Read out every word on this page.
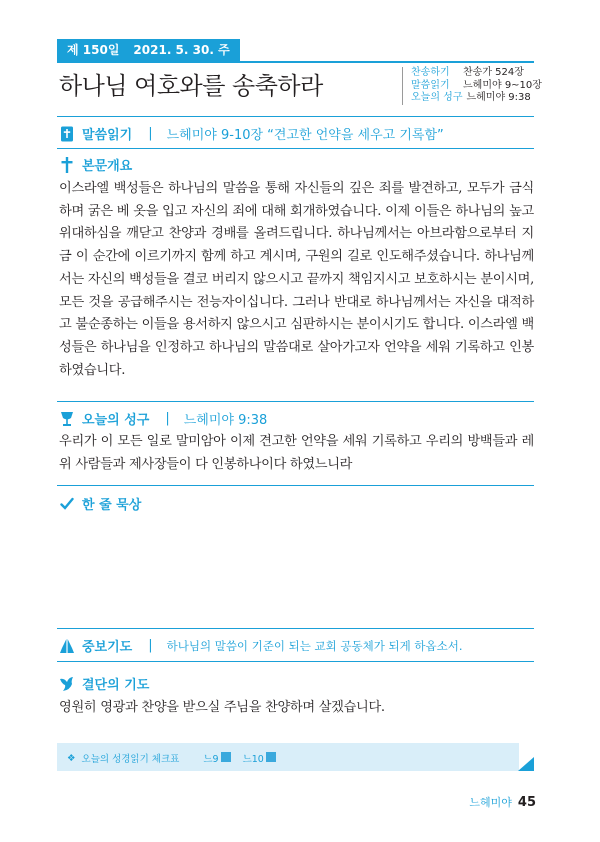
제 150일 2021. 5. 30. 주
하나님 여호와를 송축하라	찬송하기	찬송가 524장
말씀읽기	느헤미야 9~10장
오늘의 성구 느헤미야 9:38
말씀읽기 | 느헤미야 9-10장 “견고한 언약을 세우고 기록함”
본문개요
이스라엘 백성들은 하나님의 말씀을 통해 자신들의 깊은 죄를 발견하고, 모두가 금식하며 굵은 베 옷을 입고 자신의 죄에 대해 회개하였습니다. 이제 이들은 하나님의 높고 위대하심을 깨닫고 찬양과 경배를 올려드립니다. 하나님께서는 아브라함으로부터 지금 이 순간에 이르기까지 함께 하고 계시며, 구원의 길로 인도해주셨습니다. 하나님께서는 자신의 백성들을 결코 버리지 않으시고 끝까지 책임지시고 보호하시는 분이시며, 모든 것을 공급해주시는 전능자이십니다. 그러나 반대로 하나님께서는 자신을 대적하고 불순종하는 이들을 용서하지 않으시고 심판하시는 분이시기도 합니다. 이스라엘 백성들은 하나님을 인정하고 하나님의 말씀대로 살아가고자 언약을 세워 기록하고 인봉하였습니다.
오늘의 성구 | 느헤미야 9:38
우리가 이 모든 일로 말미암아 이제 견고한 언약을 세워 기록하고 우리의 방백들과 레위 사람들과 제사장들이 다 인봉하나이다 하였느니라
한 줄 묵상
중보기도 | 하나님의 말씀이 기준이 되는 교회 공동체가 되게 하옵소서.
결단의 기도
영원히 영광과 찬양을 받으실 주님을 찬양하며 살겠습니다.
❖ 오늘의 성경읽기 체크표	느9	느10
느헤미야 45
